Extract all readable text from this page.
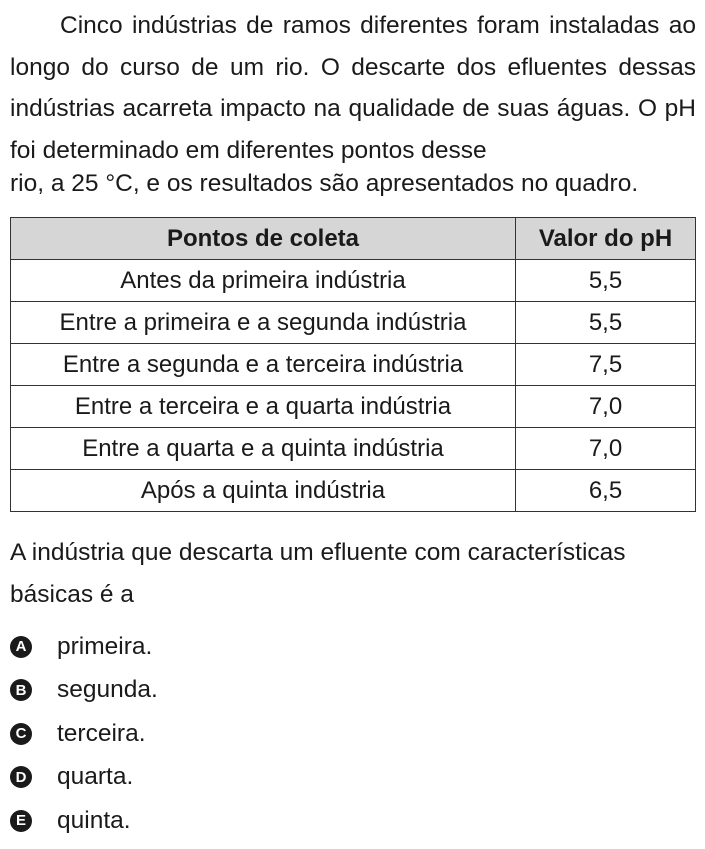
Cinco indústrias de ramos diferentes foram instaladas ao longo do curso de um rio. O descarte dos efluentes dessas indústrias acarreta impacto na qualidade de suas águas. O pH foi determinado em diferentes pontos desse

rio, a 25 °C, e os resultados são apresentados no quadro.

Pontos de coleta	Valor do pH
Antes da primeira indústria	5,5
Entre a primeira e a segunda indústria	5,5
Entre a segunda e a terceira indústria	7,5
Entre a terceira e a quarta indústria	7,0
Entre a quarta e a quinta indústria	7,0
Após a quinta indústria	6,5

A indústria que descarta um efluente com características básicas é a

A primeira.
B segunda.
C terceira.
D quarta.
E quinta.
